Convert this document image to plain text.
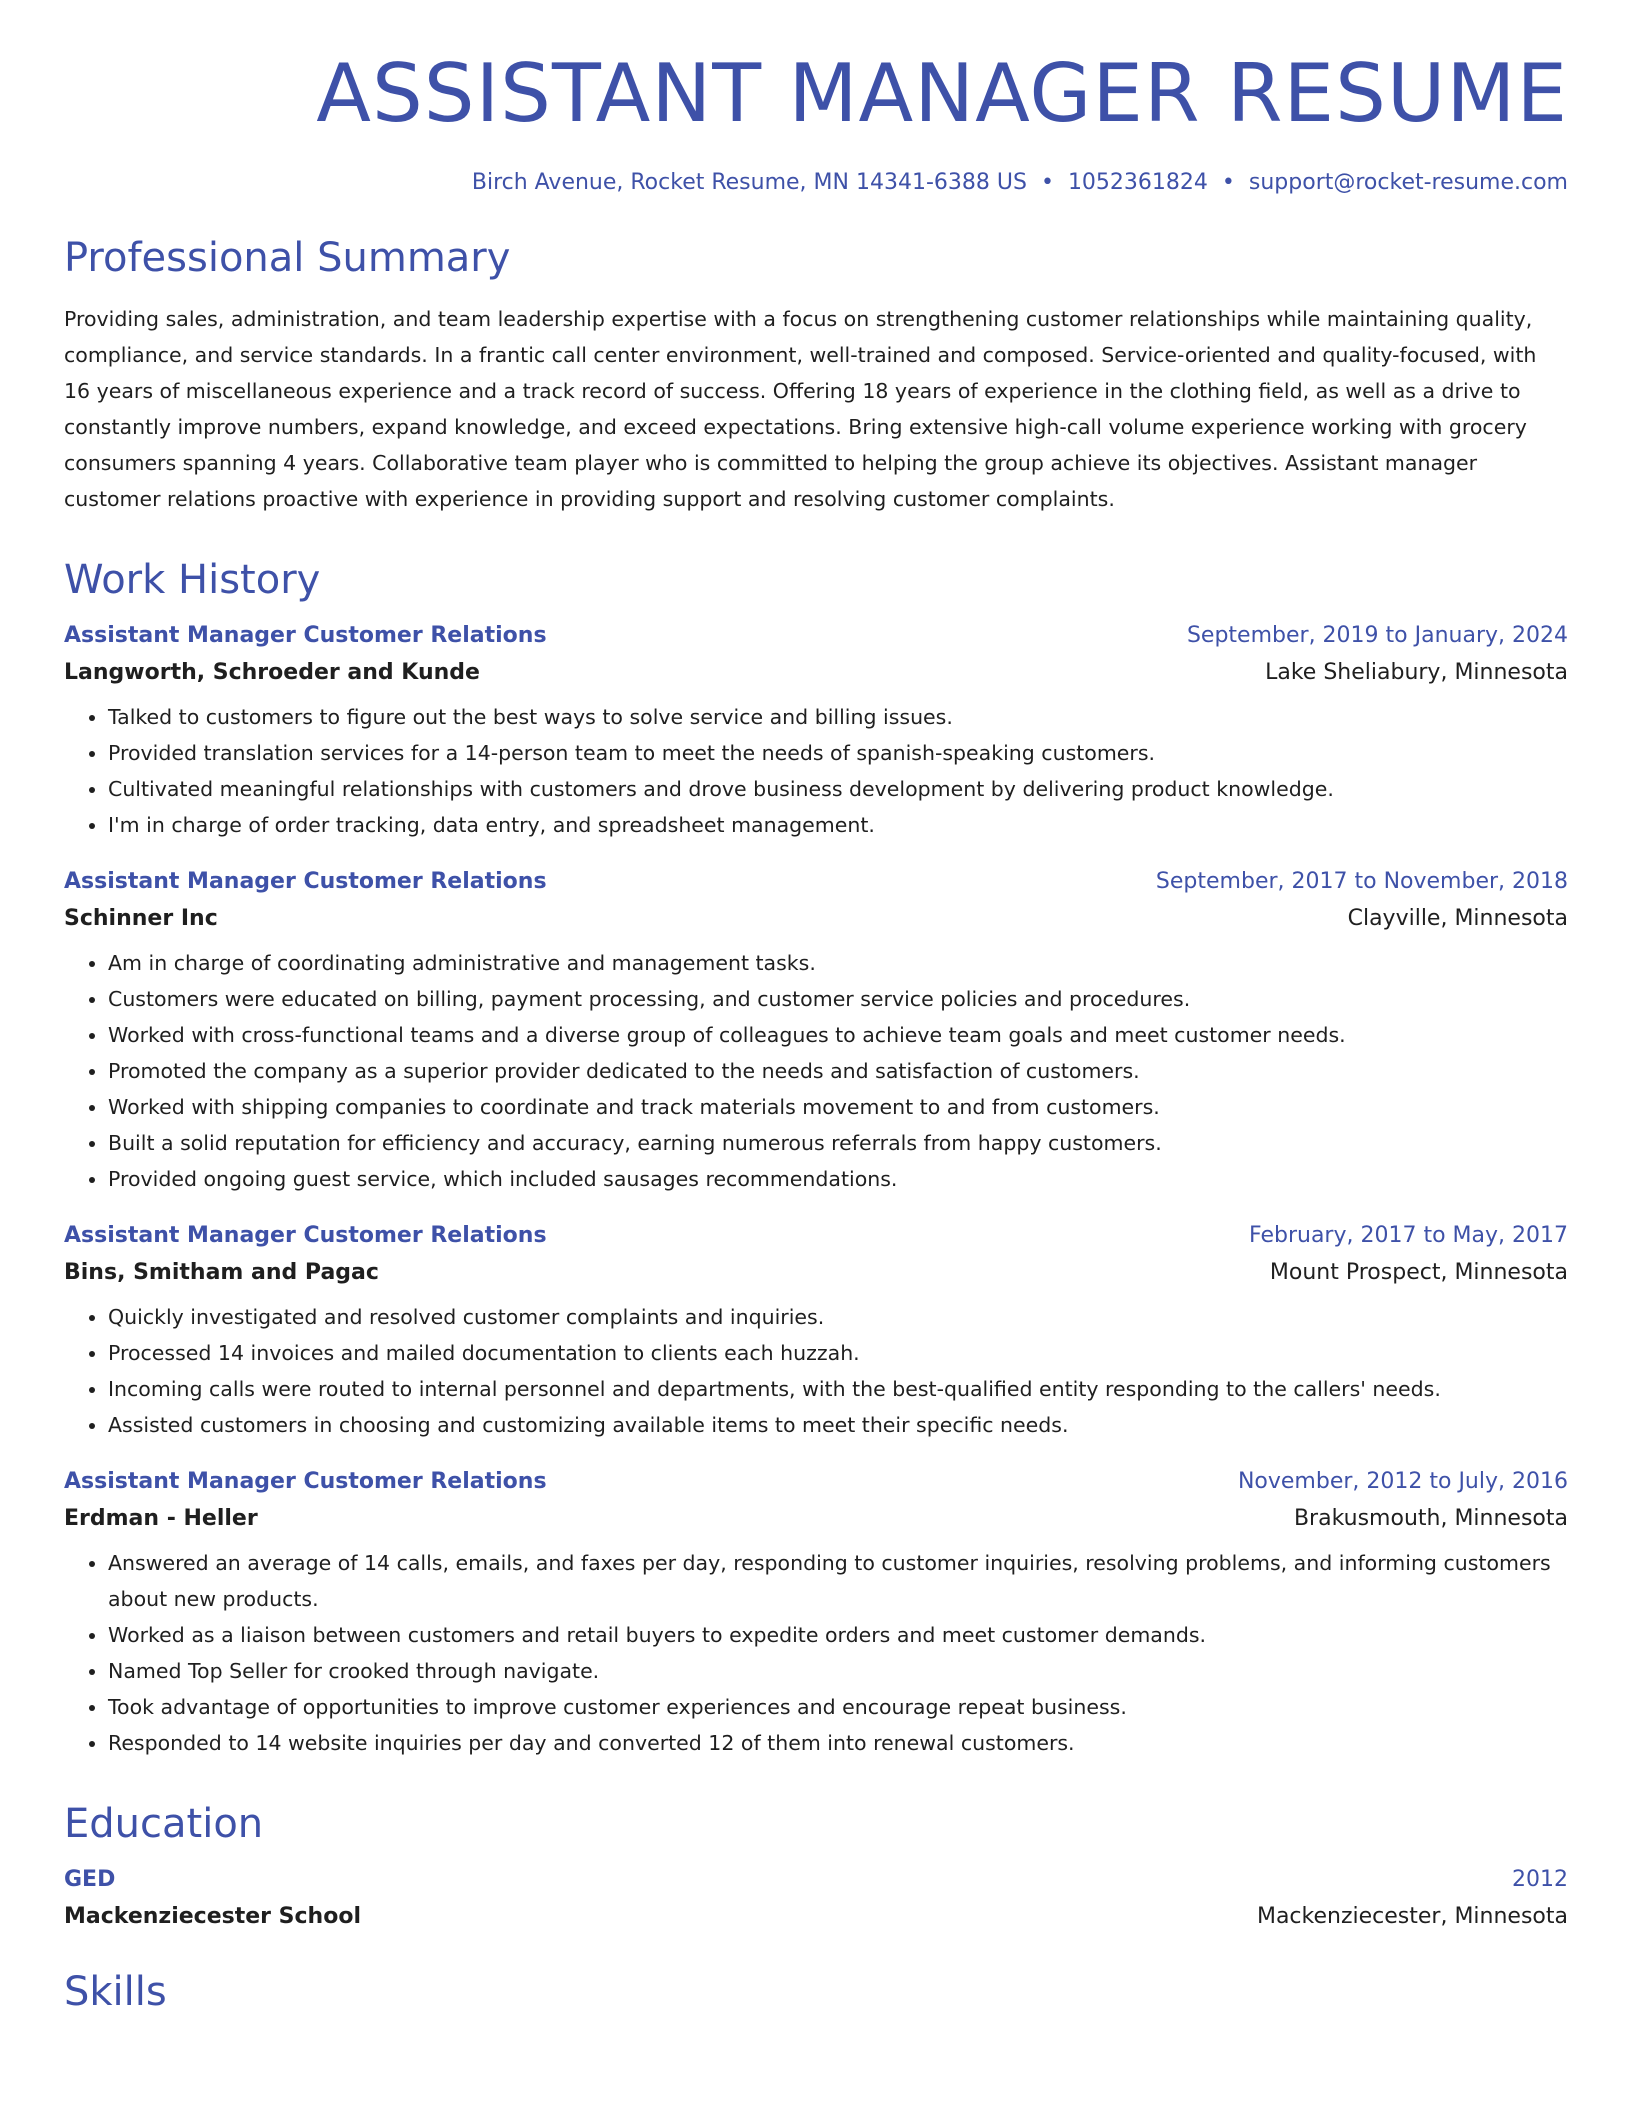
ASSISTANT MANAGER RESUME
Birch Avenue, Rocket Resume, MN 14341-6388 US • 1052361824 • support@rocket-resume.com
Professional Summary

Providing sales, administration, and team leadership expertise with a focus on strengthening customer relationships while maintaining quality, compliance, and service standards. In a frantic call center environment, well-trained and composed. Service-oriented and quality-focused, with 16 years of miscellaneous experience and a track record of success. Offering 18 years of experience in the clothing field, as well as a drive to constantly improve numbers, expand knowledge, and exceed expectations. Bring extensive high-call volume experience working with grocery consumers spanning 4 years. Collaborative team player who is committed to helping the group achieve its objectives. Assistant manager customer relations proactive with experience in providing support and resolving customer complaints.

Work History
Assistant Manager Customer Relations	September, 2019 to January, 2024
Langworth, Schroeder and Kunde	Lake Sheliabury, Minnesota
• Talked to customers to figure out the best ways to solve service and billing issues.
• Provided translation services for a 14-person team to meet the needs of spanish-speaking customers.
• Cultivated meaningful relationships with customers and drove business development by delivering product knowledge.
• I'm in charge of order tracking, data entry, and spreadsheet management.
Assistant Manager Customer Relations	September, 2017 to November, 2018
Schinner Inc	Clayville, Minnesota
• Am in charge of coordinating administrative and management tasks.
• Customers were educated on billing, payment processing, and customer service policies and procedures.
• Worked with cross-functional teams and a diverse group of colleagues to achieve team goals and meet customer needs.
• Promoted the company as a superior provider dedicated to the needs and satisfaction of customers.
• Worked with shipping companies to coordinate and track materials movement to and from customers.
• Built a solid reputation for efficiency and accuracy, earning numerous referrals from happy customers.
• Provided ongoing guest service, which included sausages recommendations.
Assistant Manager Customer Relations	February, 2017 to May, 2017
Bins, Smitham and Pagac	Mount Prospect, Minnesota
• Quickly investigated and resolved customer complaints and inquiries.
• Processed 14 invoices and mailed documentation to clients each huzzah.
• Incoming calls were routed to internal personnel and departments, with the best-qualified entity responding to the callers' needs.
• Assisted customers in choosing and customizing available items to meet their specific needs.
Assistant Manager Customer Relations	November, 2012 to July, 2016
Erdman - Heller	Brakusmouth, Minnesota
• Answered an average of 14 calls, emails, and faxes per day, responding to customer inquiries, resolving problems, and informing customers about new products.
• Worked as a liaison between customers and retail buyers to expedite orders and meet customer demands.
• Named Top Seller for crooked through navigate.
• Took advantage of opportunities to improve customer experiences and encourage repeat business.
• Responded to 14 website inquiries per day and converted 12 of them into renewal customers.
Education
GED	2012
Mackenziecester School	Mackenziecester, Minnesota
Skills
